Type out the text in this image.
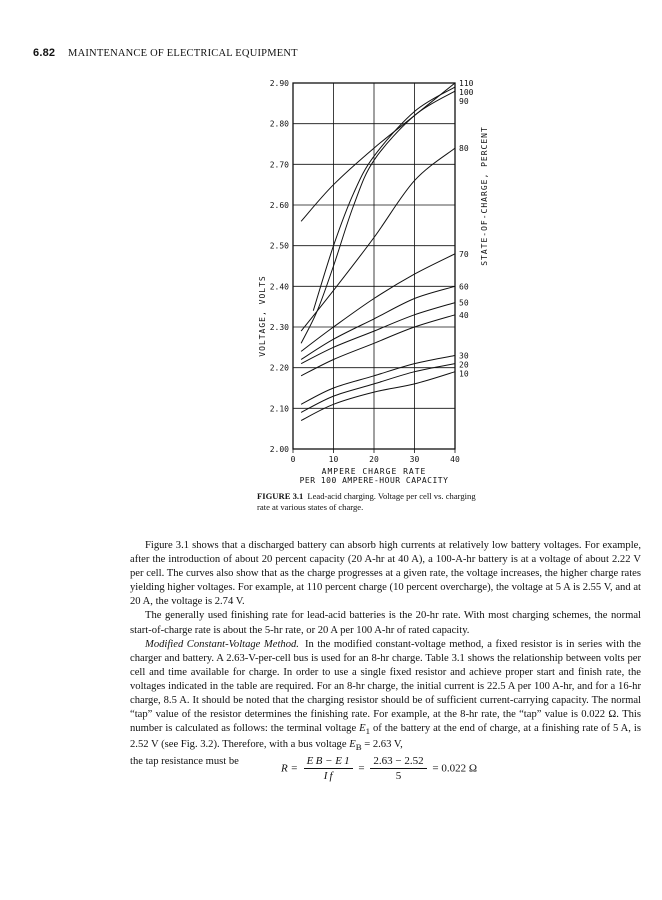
6.82 MAINTENANCE OF ELECTRICAL EQUIPMENT
0	10	20	30	40
2.00
2.10
2.20
2.30
2.40
2.50
2.60
2.70
2.80
2.90
10
20
30
40
50
60
70
80
90
100
110
AMPERE CHARGE RATE
PER 100 AMPERE-HOUR CAPACITY
VOLTAGE, VOLTS
STATE-OF-CHARGE, PERCENT
FIGURE 3.1 Lead-acid charging. Voltage per cell vs. charging rate at various states of charge.

Figure 3.1 shows that a discharged battery can absorb high currents at relatively low battery voltages. For example, after the introduction of about 20 percent capacity (20 A-hr at 40 A), a 100-A-hr battery is at a voltage of about 2.22 V per cell. The curves also show that as the charge progresses at a given rate, the voltage increases, the higher charge rates yielding higher voltages. For example, at 110 percent charge (10 percent overcharge), the voltage at 5 A is 2.55 V, and at 20 A, the voltage is 2.74 V.

The generally used finishing rate for lead-acid batteries is the 20-hr rate. With most charging schemes, the normal start-of-charge rate is about the 5-hr rate, or 20 A per 100 A-hr of rated capacity.

Modified Constant-Voltage Method. In the modified constant-voltage method, a fixed resistor is in series with the charger and battery. A 2.63-V-per-cell bus is used for an 8-hr charge. Table 3.1 shows the relationship between volts per cell and time available for charge. In order to use a single fixed resistor and achieve proper start and finish rate, the voltages indicated in the table are required. For an 8-hr charge, the initial current is 22.5 A per 100 A-hr, and for a 16-hr charge, 8.5 A. It should be noted that the charging resistor should be of sufficient current-carrying capacity. The normal “tap” value of the resistor determines the finishing rate. For example, at the 8-hr rate, the “tap” value is 0.022 Ω. This number is calculated as follows: the terminal voltage $E_1$ of the battery at the end of charge, at a finishing rate of 5 A, is 2.52 V (see Fig. 3.2). Therefore, with a bus voltage $E_B = 2.63$ V,

the tap resistance must be

$R = \frac{\text{E B − E 1}}{\text{I f}} = \frac{2.63 - 2.52}{5} = 0.022$ Ω
